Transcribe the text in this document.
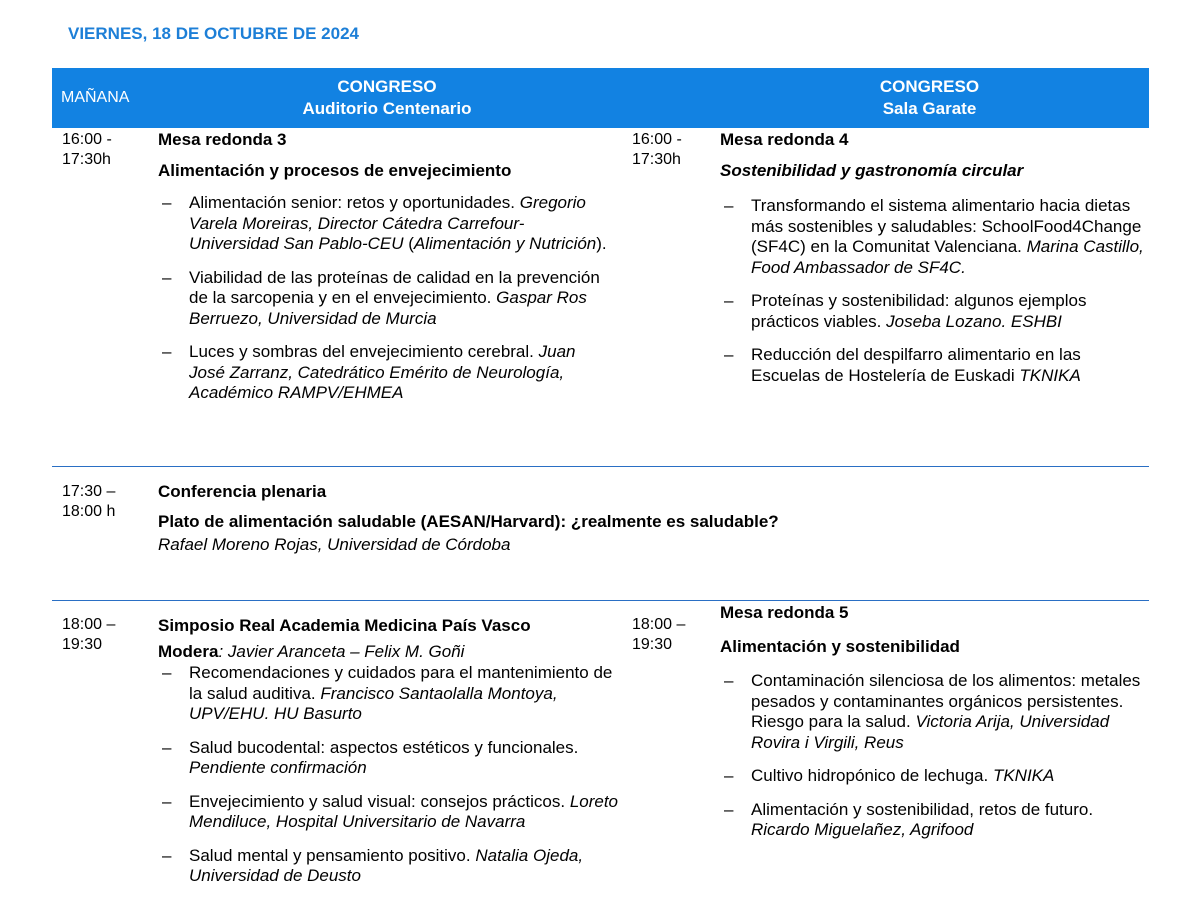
VIERNES, 18 DE OCTUBRE DE 2024
MAÑANA
CONGRESO
Auditorio Centenario
CONGRESO
Sala Garate
16:00 -
17:30h
Mesa redonda 3
Alimentación y procesos de envejecimiento
– Alimentación senior: retos y oportunidades. Gregorio Varela Moreiras, Director Cátedra Carrefour- Universidad San Pablo-CEU (Alimentación y Nutrición).
– Viabilidad de las proteínas de calidad en la prevención de la sarcopenia y en el envejecimiento. Gaspar Ros Berruezo, Universidad de Murcia
– Luces y sombras del envejecimiento cerebral. Juan José Zarranz, Catedrático Emérito de Neurología, Académico RAMPV/EHMEA
16:00 -
17:30h
Mesa redonda 4
Sostenibilidad y gastronomía circular
– Transformando el sistema alimentario hacia dietas más sostenibles y saludables: SchoolFood4Change (SF4C) en la Comunitat Valenciana. Marina Castillo, Food Ambassador de SF4C.
– Proteínas y sostenibilidad: algunos ejemplos prácticos viables. Joseba Lozano. ESHBI
– Reducción del despilfarro alimentario en las Escuelas de Hostelería de Euskadi TKNIKA
17:30 –
18:00 h
Conferencia plenaria
Plato de alimentación saludable (AESAN/Harvard): ¿realmente es saludable?
Rafael Moreno Rojas, Universidad de Córdoba
18:00 –
19:30
Simposio Real Academia Medicina País Vasco
Modera: Javier Aranceta – Felix M. Goñi
– Recomendaciones y cuidados para el mantenimiento de la salud auditiva. Francisco Santaolalla Montoya, UPV/EHU. HU Basurto
– Salud bucodental: aspectos estéticos y funcionales. Pendiente confirmación
– Envejecimiento y salud visual: consejos prácticos. Loreto Mendiluce, Hospital Universitario de Navarra
– Salud mental y pensamiento positivo. Natalia Ojeda, Universidad de Deusto
18:00 –
19:30
Mesa redonda 5
Alimentación y sostenibilidad
– Contaminación silenciosa de los alimentos: metales pesados y contaminantes orgánicos persistentes. Riesgo para la salud. Victoria Arija, Universidad Rovira i Virgili, Reus
– Cultivo hidropónico de lechuga. TKNIKA
– Alimentación y sostenibilidad, retos de futuro. Ricardo Miguelañez, Agrifood
